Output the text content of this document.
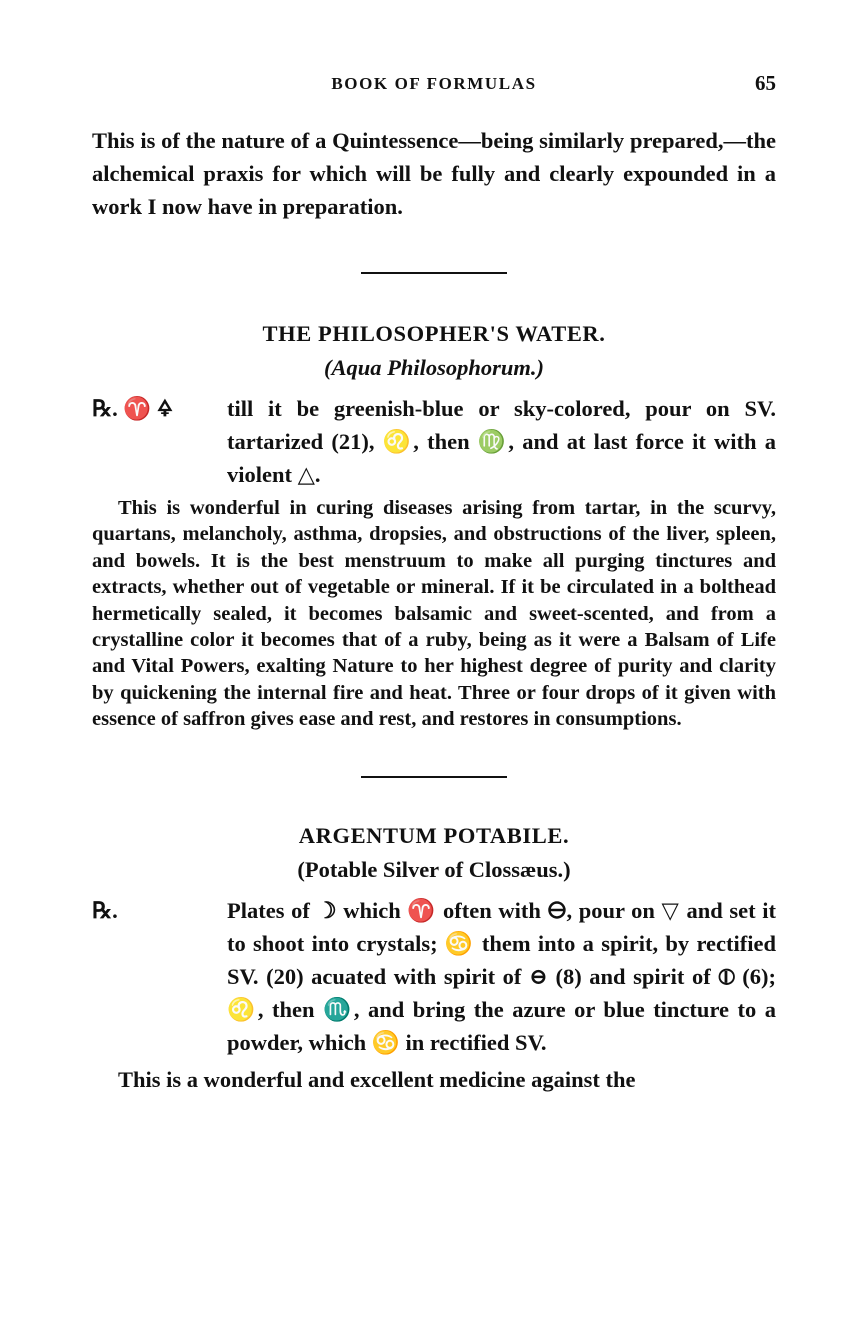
BOOK OF FORMULAS	65

This is of the nature of a Quintessence—being similarly prepared,—the alchemical praxis for which will be fully and clearly expounded in a work I now have in preparation.

THE PHILOSOPHER'S WATER.

(Aqua Philosophorum.)

℞. ♈ 🜍 till it be greenish-blue or sky-colored, pour on SV. tartarized (21), ♌, then ♍, and at last force it with a violent △.

This is wonderful in curing diseases arising from tartar, in the scurvy, quartans, melancholy, asthma, dropsies, and obstructions of the liver, spleen, and bowels. It is the best menstruum to make all purging tinctures and extracts, whether out of vegetable or mineral. If it be circulated in a bolthead hermetically sealed, it becomes balsamic and sweet-scented, and from a crystalline color it becomes that of a ruby, being as it were a Balsam of Life and Vital Powers, exalting Nature to her highest degree of purity and clarity by quickening the internal fire and heat. Three or four drops of it given with essence of saffron gives ease and rest, and restores in consumptions.

ARGENTUM POTABILE.

(Potable Silver of Clossæus.)

℞.	Plates of ☽ which ♈ often with 🜔, pour on ▽ and set it to shoot into crystals; ♋ them into a spirit, by rectified SV. (20) acuated with spirit of ⊖ (8) and spirit of ⦶ (6); ♌, then ♏, and bring the azure or blue tincture to a powder, which ♋ in rectified SV.

This is a wonderful and excellent medicine against the
